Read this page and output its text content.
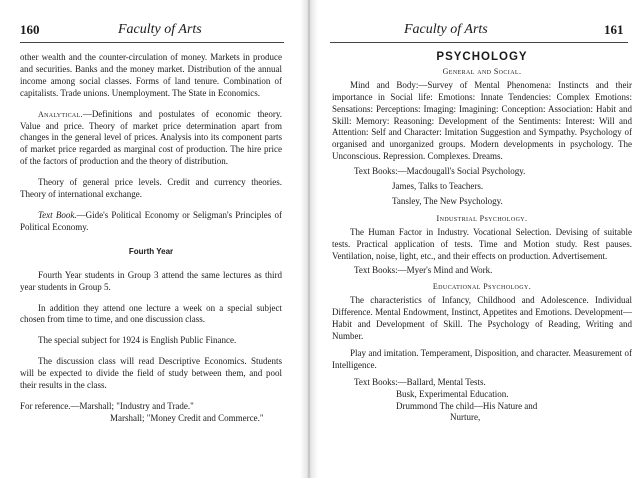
160	Faculty of Arts

other wealth and the counter-circulation of money. Markets in produce and securities. Banks and the money market. Distribution of the annual income among social classes. Forms of land tenure. Combination of capitalists. Trade unions. Unemployment. The State in Economics.

Analytical.—Definitions and postulates of economic theory. Value and price. Theory of market price determination apart from changes in the general level of prices. Analysis into its component parts of market price regarded as marginal cost of production. The hire price of the factors of production and the theory of distribution.

Theory of general price levels. Credit and currency theories. Theory of international exchange.

Text Book.—Gide's Political Economy or Seligman's Principles of Political Economy.

Fourth Year

Fourth Year students in Group 3 attend the same lectures as third year students in Group 5.

In addition they attend one lecture a week on a special subject chosen from time to time, and one discussion class.

The special subject for 1924 is English Public Finance.

The discussion class will read Descriptive Economics. Students will be expected to divide the field of study between them, and pool their results in the class.

For reference.—Marshall; "Industry and Trade."

Marshall; "Money Credit and Commerce."

Faculty of Arts	161
PSYCHOLOGY
General and Social.

Mind and Body:—Survey of Mental Phenomena: Instincts and their importance in Social life: Emotions: Innate Tendencies: Complex Emotions: Sensations: Perceptions: Imaging: Imagining: Conception: Association: Habit and Skill: Memory: Reasoning: Development of the Sentiments: Interest: Will and Attention: Self and Character: Imitation Suggestion and Sympathy. Psychology of organised and unorganized groups. Modern developments in psychology. The Unconscious. Repression. Complexes. Dreams.

Text Books:—Macdougall's Social Psychology.

James, Talks to Teachers.

Tansley, The New Psychology.

Industrial Psychology.

The Human Factor in Industry. Vocational Selection. Devising of suitable tests. Practical application of tests. Time and Motion study. Rest pauses. Ventilation, noise, light, etc., and their effects on production. Advertisement.

Text Books:—Myer's Mind and Work.

Educational Psychology.

The characteristics of Infancy, Childhood and Adolescence. Individual Difference. Mental Endowment, Instinct, Appetites and Emotions. Development—Habit and Development of Skill. The Psychology of Reading, Writing and Number.

Play and imitation. Temperament, Disposition, and character. Measurement of Intelligence.

Text Books:—Ballard, Mental Tests.

Busk, Experimental Education.

Drummond The child—His Nature and

Nurture,
